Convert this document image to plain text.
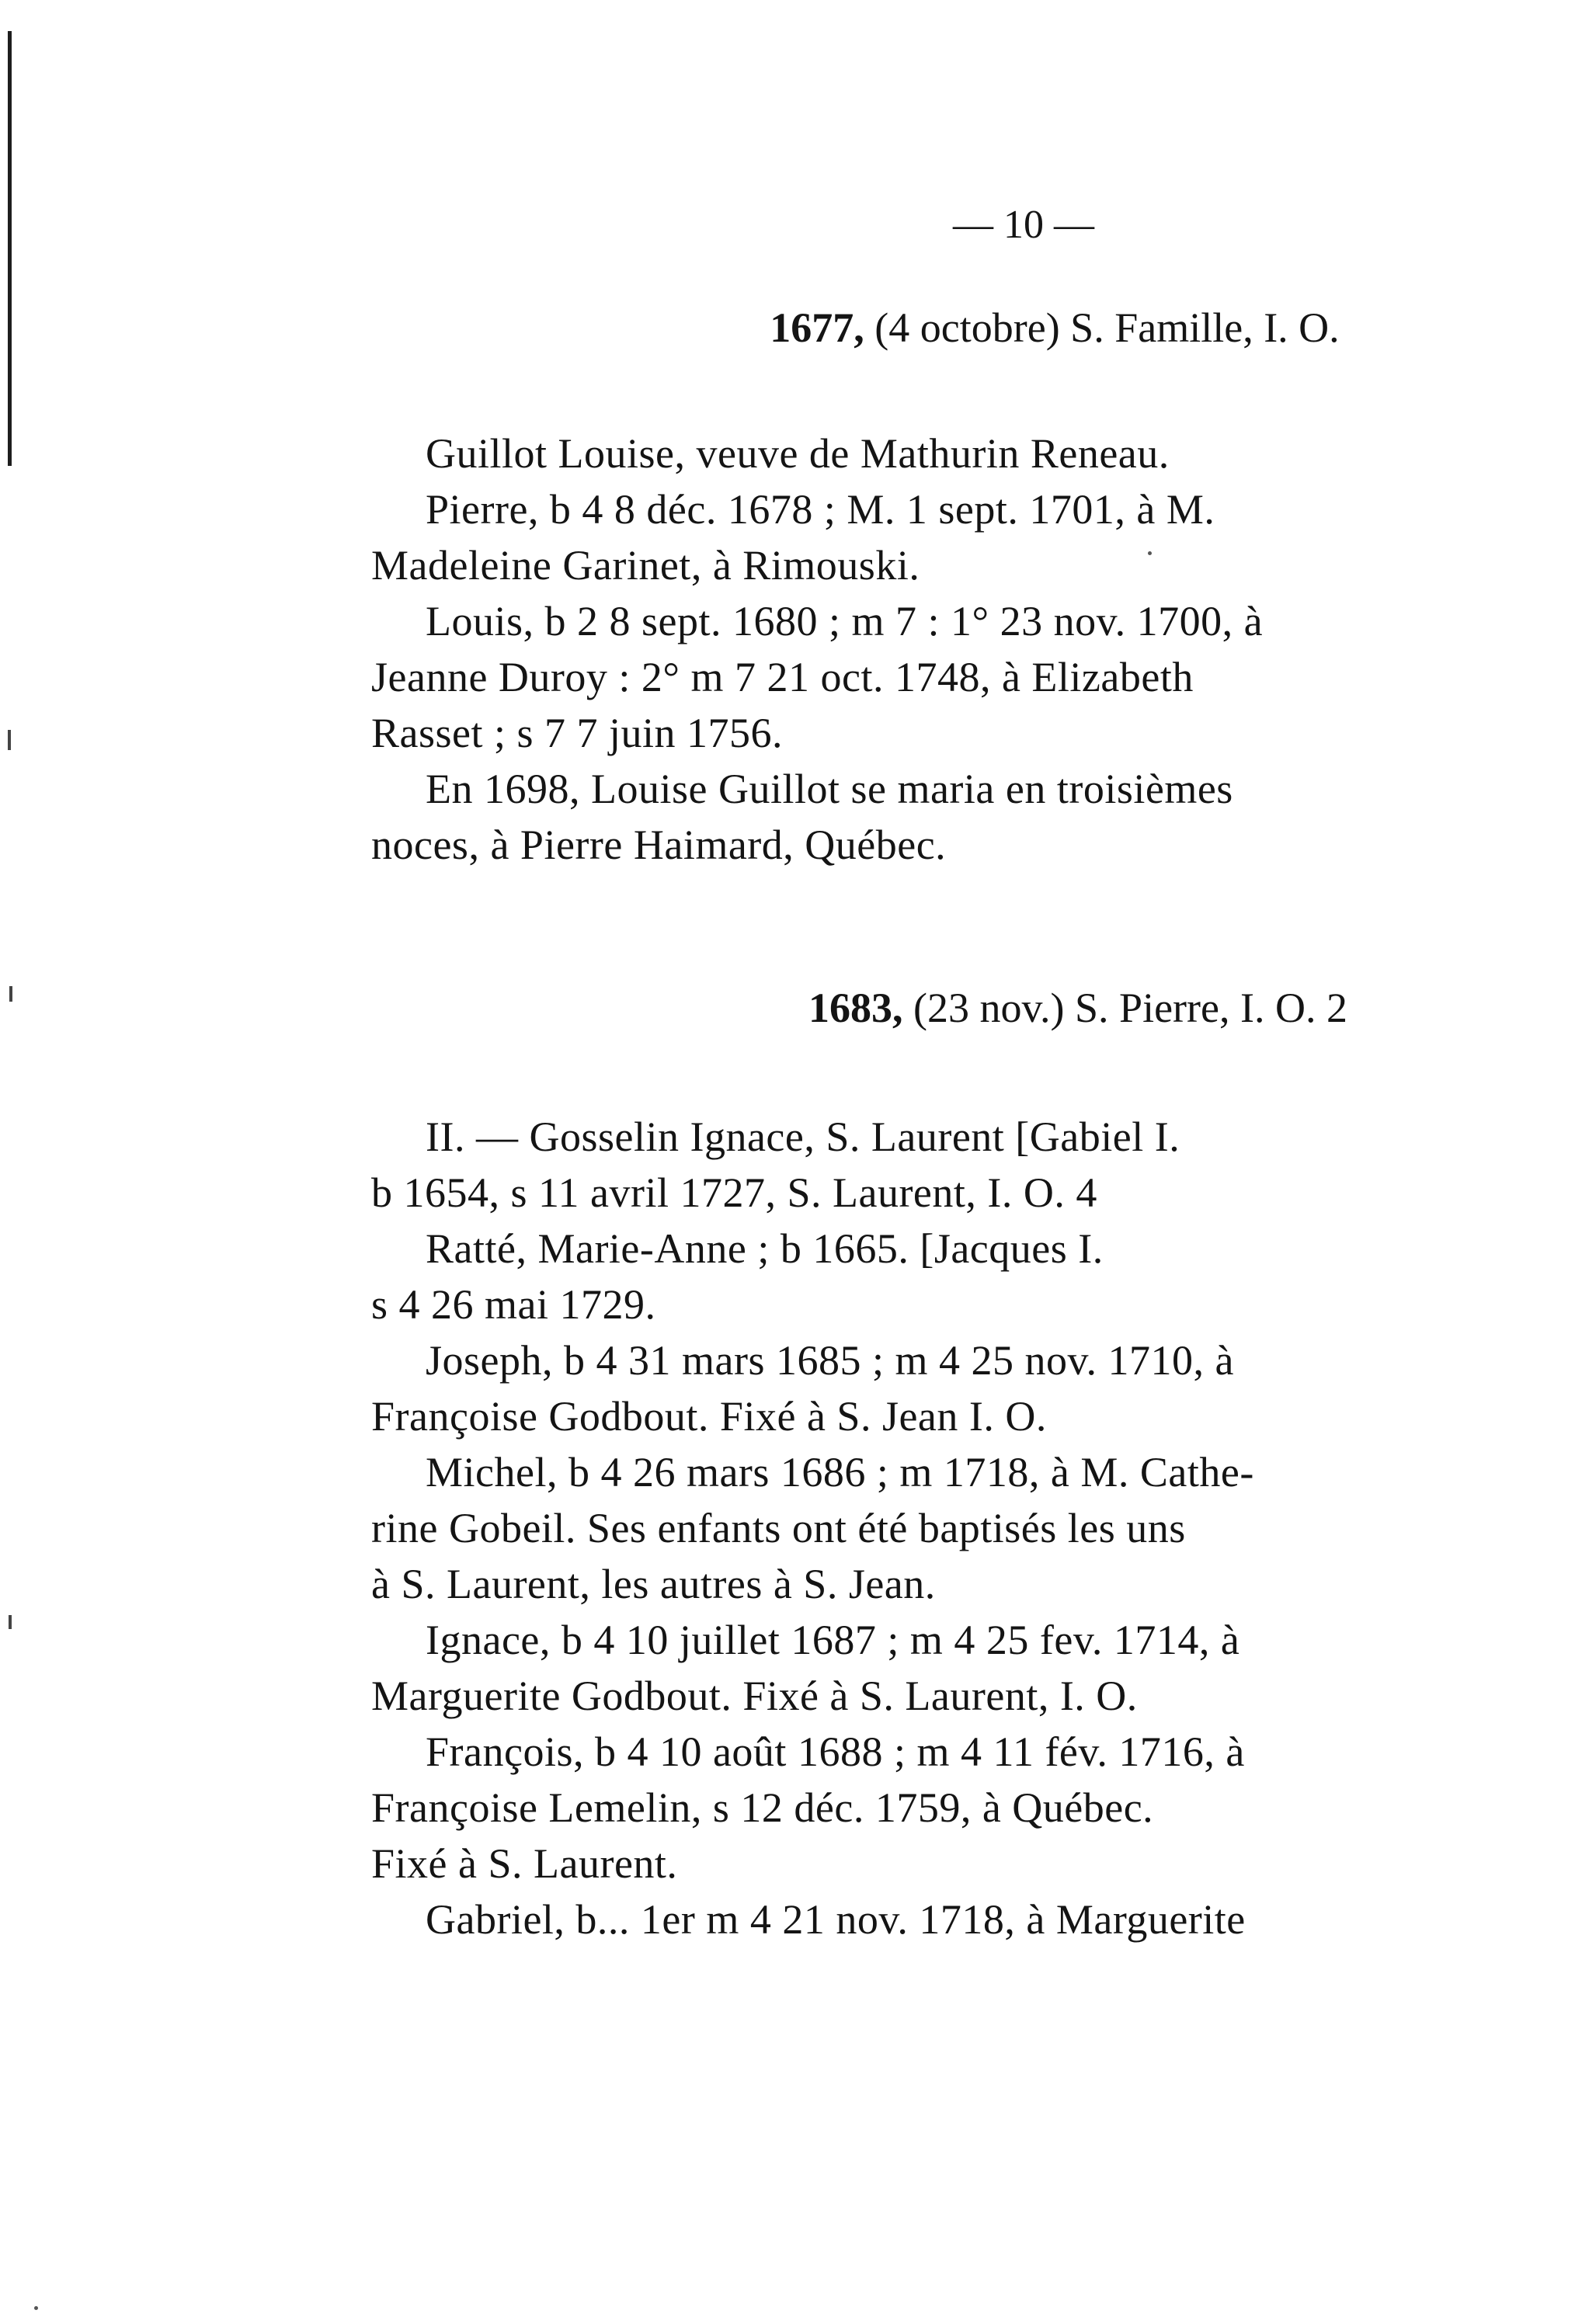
— 10 —
1677, (4 octobre) S. Famille, I. O.
Guillot Louise, veuve de Mathurin Reneau.
Pierre, b 4 8 déc. 1678 ; M. 1 sept. 1701, à M.
Madeleine Garinet, à Rimouski.
Louis, b 2 8 sept. 1680 ; m 7 : 1° 23 nov. 1700, à
Jeanne Duroy : 2° m 7 21 oct. 1748, à Elizabeth
Rasset ; s 7 7 juin 1756.
En 1698, Louise Guillot se maria en troisièmes
noces, à Pierre Haimard, Québec.
1683, (23 nov.) S. Pierre, I. O. 2
II. — Gosselin Ignace, S. Laurent [Gabiel I.
b 1654, s 11 avril 1727, S. Laurent, I. O. 4
Ratté, Marie-Anne ; b 1665. [Jacques I.
s 4 26 mai 1729.
Joseph, b 4 31 mars 1685 ; m 4 25 nov. 1710, à
Françoise Godbout. Fixé à S. Jean I. O.
Michel, b 4 26 mars 1686 ; m 1718, à M. Cathe-
rine Gobeil. Ses enfants ont été baptisés les uns
à S. Laurent, les autres à S. Jean.
Ignace, b 4 10 juillet 1687 ; m 4 25 fev. 1714, à
Marguerite Godbout. Fixé à S. Laurent, I. O.
François, b 4 10 août 1688 ; m 4 11 fév. 1716, à
Françoise Lemelin, s 12 déc. 1759, à Québec.
Fixé à S. Laurent.
Gabriel, b... 1er m 4 21 nov. 1718, à Marguerite
